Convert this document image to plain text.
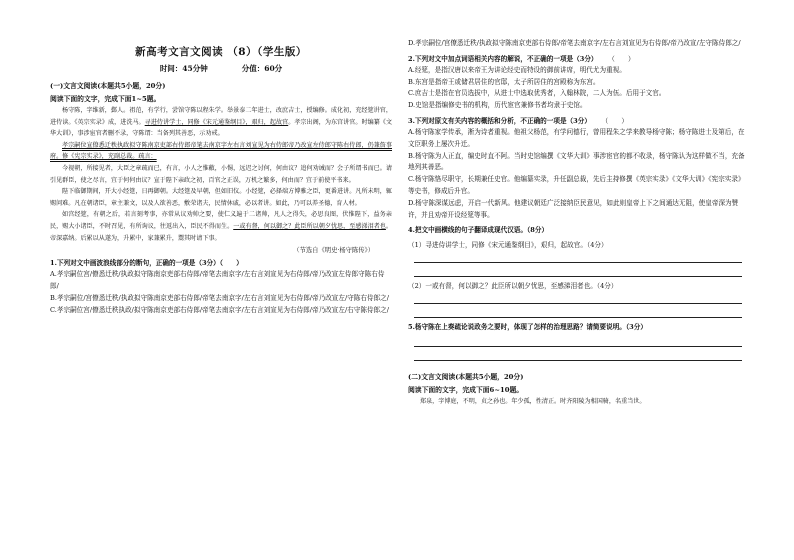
新高考文言文阅读 （8）（学生版）
时间：45分钟	分值：60分
(一)文言文阅读(本题共5小题，20分)
阅读下面的文字，完成下面1~5题。

杨守陈，字维新，鄞人。祖范，有学行，尝馆守陈以程朱学。举景泰二年进士，改庶吉士，授编修。成化初，充经筵讲官，进侍读。《英宗实录》成，进洗马。寻进侍讲学士，同修《宋元通鉴纲目》，艰归，起故官。孝宗出阁，为东宫讲官。时编纂《文华大训》，事涉宦官者删不录，守陈谓：当备列其善恶，示劝戒。

孝宗嗣位宣僚悉迁秩执政拟守陈南京吏部右侍郎帝笔去南京字左右言刘宣见为右侍郎帝乃改宣左侍郎守陈右侍郎，仍兼詹事府。修《宪宗实录》，充副总裁。疏言：

今视朝，所接见者，大臣之章疏而已，有言，小人之惟敝，小惕，远迟之讨何，何由议？追何劝诫而？会子所谓书而已。请引见群臣，使之尽言，宜于何何由议？宣于陛下亲政之初，百官之正误，万机之繁多，何由而？宜于前使平书来。

陛下临御期间，开大小经筵，日再御朝。大经筵及早朝，但如旧仪。小经筵，必择端方博雅之臣，更番进讲。凡所未明，辄赐问难。凡在朝诸臣，章主兼文，以及人欲善恶，敷荣诸夫，民情休戚，必以者讲。如此，乃可以养圣德，育人材。

如宫经筵，有朝之后，若言刻考事，亦常从议劝帅之要，使仁义遍于二诸帅，凡人之得失，必思良图，伏惟陛下，益务亲民，赐大小诸臣，不时召见，有所询议，往返出入，臣民不得而生。一或有督，何以御之？此臣所以朝夕忧思，至感涕泪者也。帝深嘉纳。后累以从遂为，升累中，家兼累升，鬻其时请下事。

（节选自《明史·杨守陈传》）
1.下列对文中画波浪线部分的断句，正确的一项是（3分）（　　）

A.孝宗嗣位宫/僚悉迁秩/执政拟守陈南京吏部右侍郎/帝笔去南京字/左右言刘宣见为右侍郎/帝乃改宣左侍郎守陈右侍郎/

B.孝宗嗣位/宫僚悉迁秩/执政拟守陈南京吏部右侍郎/帝笔去南京字/左右言刘宣见为右侍郎/帝乃改宣左/守陈右侍郎之/

C.孝宗嗣位宫/僚悉迁秩执政/拟守陈南京吏部右侍郎/帝笔去南京字/左右言刘宣见为右侍郎/帝乃改宣左/右守陈侍郎之/

D.孝宗嗣位/宫僚悉迁秩/执政拟守陈南京吏部右侍郎/帝笔去南京字/左右言刘宣见为右侍郎/帝乃改宣/左守陈侍郎之/

2.下列对文中加点词语相关内容的解说，不正确的一项是（3分） （　　）

A.经筵，是指汉唐以来帝王为讲论经史而特设的御前讲席，明代尤为重视。

B.东宫是指帝王或储君居住的官邸，太子所居住的宫殿称为东宫。

C.庶吉士是指在官员选拔中，从进士中选取优秀者，入翰林院，二人为伍。后用于文官。

D.史馆是指编修史书的机构，历代宦官兼修书者均隶于史馆。

3.下列对原文有关内容的概括和分析，不正确的一项是（3分） （　　）

A.杨守陈家学传承，淅为诗者重视。他祖父杨范，有学问德行，曾用程朱之学来教导杨守陈；杨守陈进士及第后，在文臣职务上屡次升迁。

B.杨守陈为人正直，编史时直不阿。当时史馆编撰《文华大训》事涉宦官的都不收录，杨守陈认为这样做不当，充备地列其善恶。

C.杨守陈恪尽职守，长期兼任史官。他编纂实录，升任副总裁，先后主持修撰《英宗实录》《文华大训》《宪宗实录》等史书，修成后升官。

D.杨守陈深谋远虑，开启一代新风。他建议朝廷广泛接纳臣民意见，如此则皇帝上下之间通达无阻，使皇帝深为赞许，并且劝帝开设经筵等事。

4.把文中画横线的句子翻译成现代汉语。（8分）
（1）寻进侍讲学士，同修《宋元通鉴纲目》，艰归，起故官。（4分）
（2）一或有督，何以御之？此臣所以朝夕忧思，至感涕泪者也。（4分）
5.杨守陈在上奏疏论说政务之要时，体现了怎样的治理思路？请简要说明。（3分）
(二)文言文阅读(本题共5小题，20分)
阅读下面的文字，完成下面6~10题。

郑泉，字博庭，不明，贞之孙也。年少孤，性清正。时齐阳陵为相国骑，名重当世。
